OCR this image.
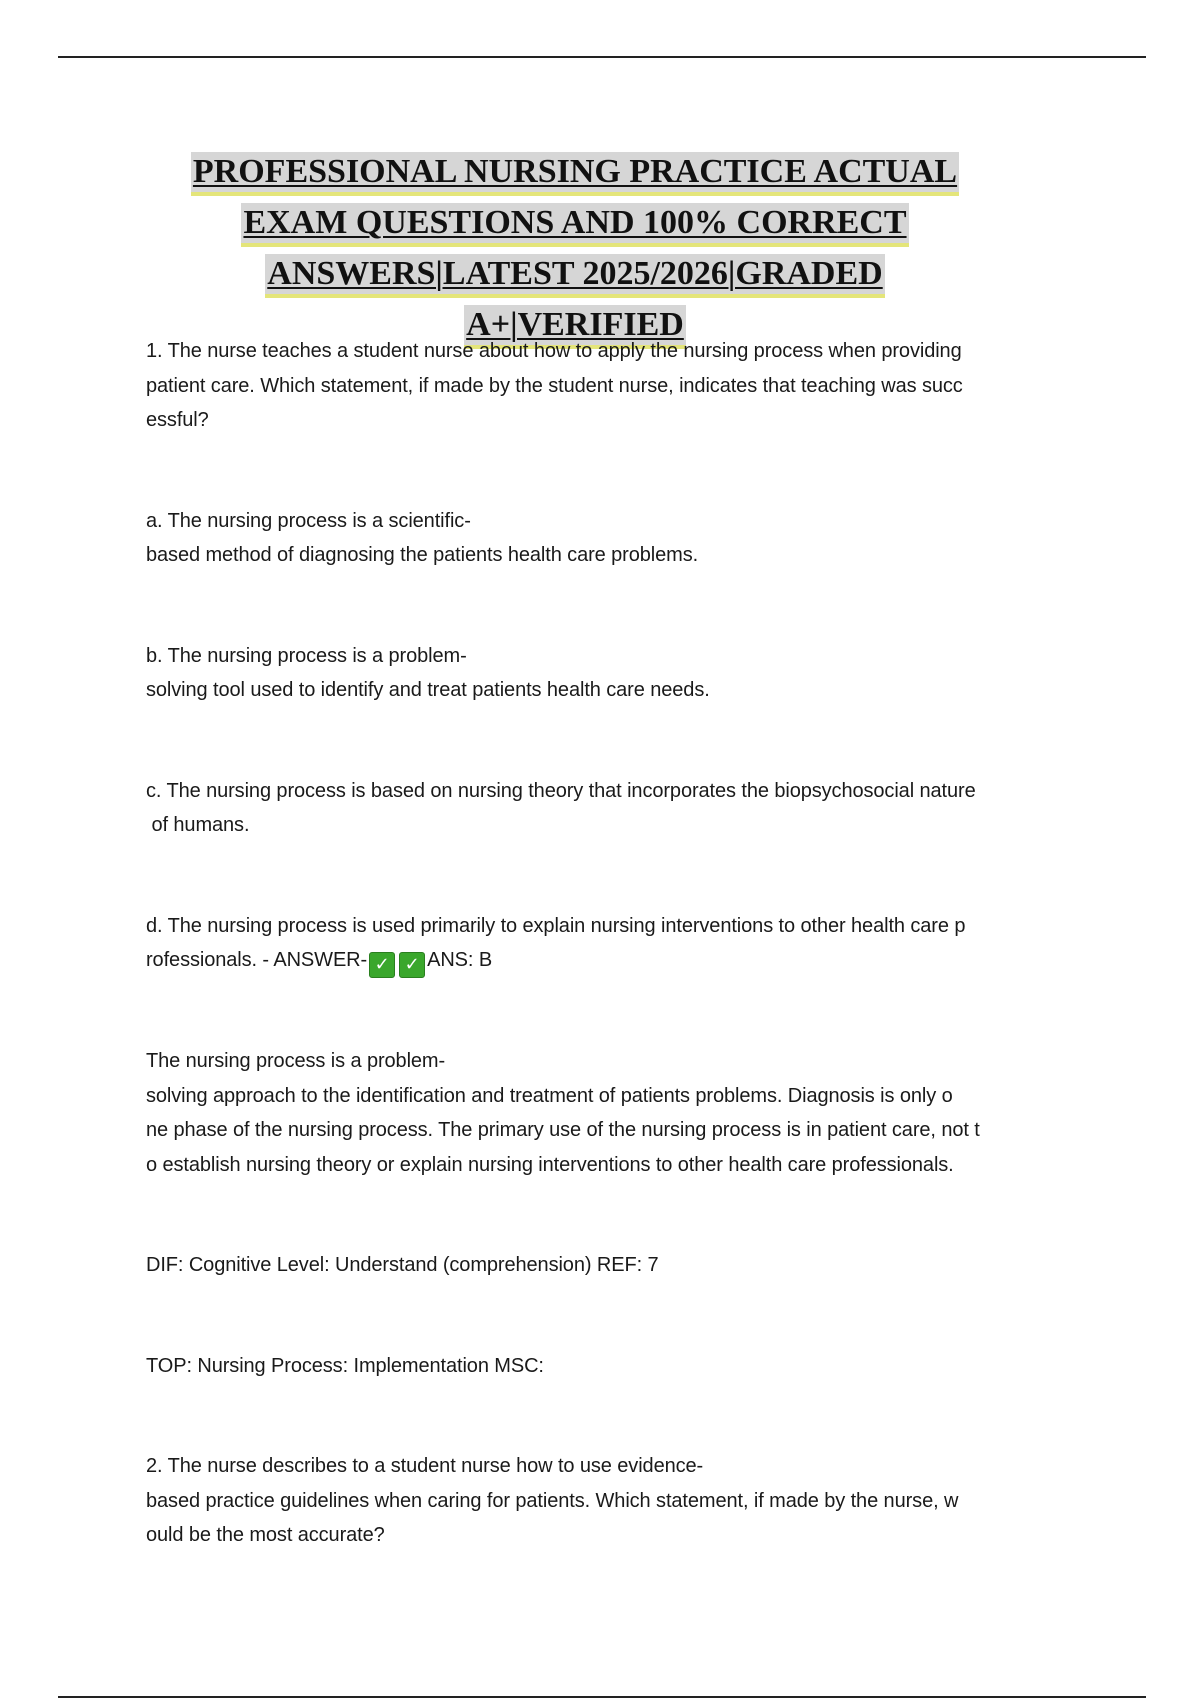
PROFESSIONAL NURSING PRACTICE ACTUAL
EXAM QUESTIONS AND 100% CORRECT
ANSWERS|LATEST 2025/2026|GRADED
A+|VERIFIED
1. The nurse teaches a student nurse about how to apply the nursing process when providing
patient care. Which statement, if made by the student nurse, indicates that teaching was succ
essful?
a. The nursing process is a scientific-
based method of diagnosing the patients health care problems.
b. The nursing process is a problem-
solving tool used to identify and treat patients health care needs.
c. The nursing process is based on nursing theory that incorporates the biopsychosocial nature
of humans.
d. The nursing process is used primarily to explain nursing interventions to other health care p
rofessionals. - ANSWER- ✓ ✓ ANS: B
The nursing process is a problem-
solving approach to the identification and treatment of patients problems. Diagnosis is only o
ne phase of the nursing process. The primary use of the nursing process is in patient care, not t
o establish nursing theory or explain nursing interventions to other health care professionals.
DIF: Cognitive Level: Understand (comprehension) REF: 7
TOP: Nursing Process: Implementation MSC:
2. The nurse describes to a student nurse how to use evidence-
based practice guidelines when caring for patients. Which statement, if made by the nurse, w
ould be the most accurate?
